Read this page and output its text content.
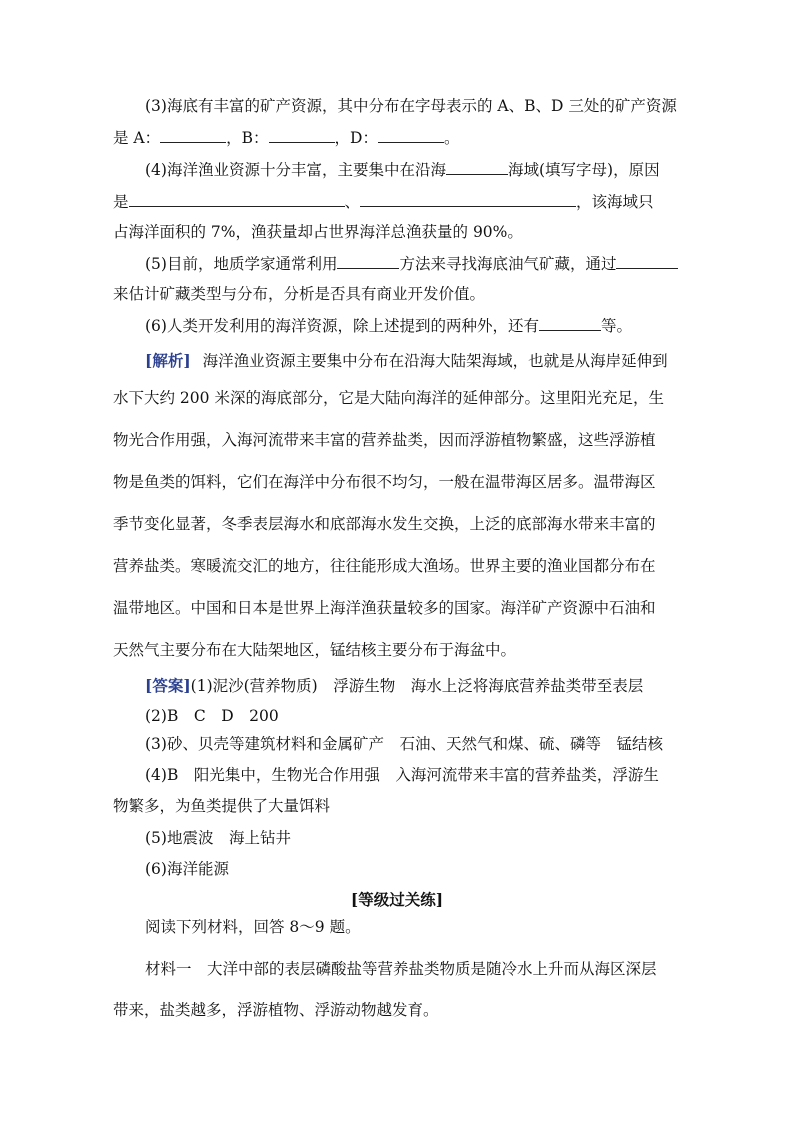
(3)海底有丰富的矿产资源，其中分布在字母表示的 A、B、D 三处的矿产资源
是 A：	，B：	，D：	。
(4)海洋渔业资源十分丰富，主要集中在沿海	海域(填写字母)，原因
是	、	，该海域只
占海洋面积的 7%，渔获量却占世界海洋总渔获量的 90%。
(5)目前，地质学家通常利用	方法来寻找海底油气矿藏，通过
来估计矿藏类型与分布，分析是否具有商业开发价值。
(6)人类开发利用的海洋资源，除上述提到的两种外，还有	等。
[解析] 海洋渔业资源主要集中分布在沿海大陆架海域，也就是从海岸延伸到
水下大约 200 米深的海底部分，它是大陆向海洋的延伸部分。这里阳光充足，生
物光合作用强，入海河流带来丰富的营养盐类，因而浮游植物繁盛，这些浮游植
物是鱼类的饵料，它们在海洋中分布很不均匀，一般在温带海区居多。温带海区
季节变化显著，冬季表层海水和底部海水发生交换，上泛的底部海水带来丰富的
营养盐类。寒暖流交汇的地方，往往能形成大渔场。世界主要的渔业国都分布在
温带地区。中国和日本是世界上海洋渔获量较多的国家。海洋矿产资源中石油和
天然气主要分布在大陆架地区，锰结核主要分布于海盆中。
[答案](1)泥沙(营养物质)　浮游生物　海水上泛将海底营养盐类带至表层
(2)B　C　D　200
(3)砂、贝壳等建筑材料和金属矿产　石油、天然气和煤、硫、磷等　锰结核
(4)B　阳光集中，生物光合作用强　入海河流带来丰富的营养盐类，浮游生
物繁多，为鱼类提供了大量饵料
(5)地震波　海上钻井
(6)海洋能源
[等级过关练]
阅读下列材料，回答 8～9 题。
材料一　大洋中部的表层磷酸盐等营养盐类物质是随冷水上升而从海区深层
带来，盐类越多，浮游植物、浮游动物越发育。
